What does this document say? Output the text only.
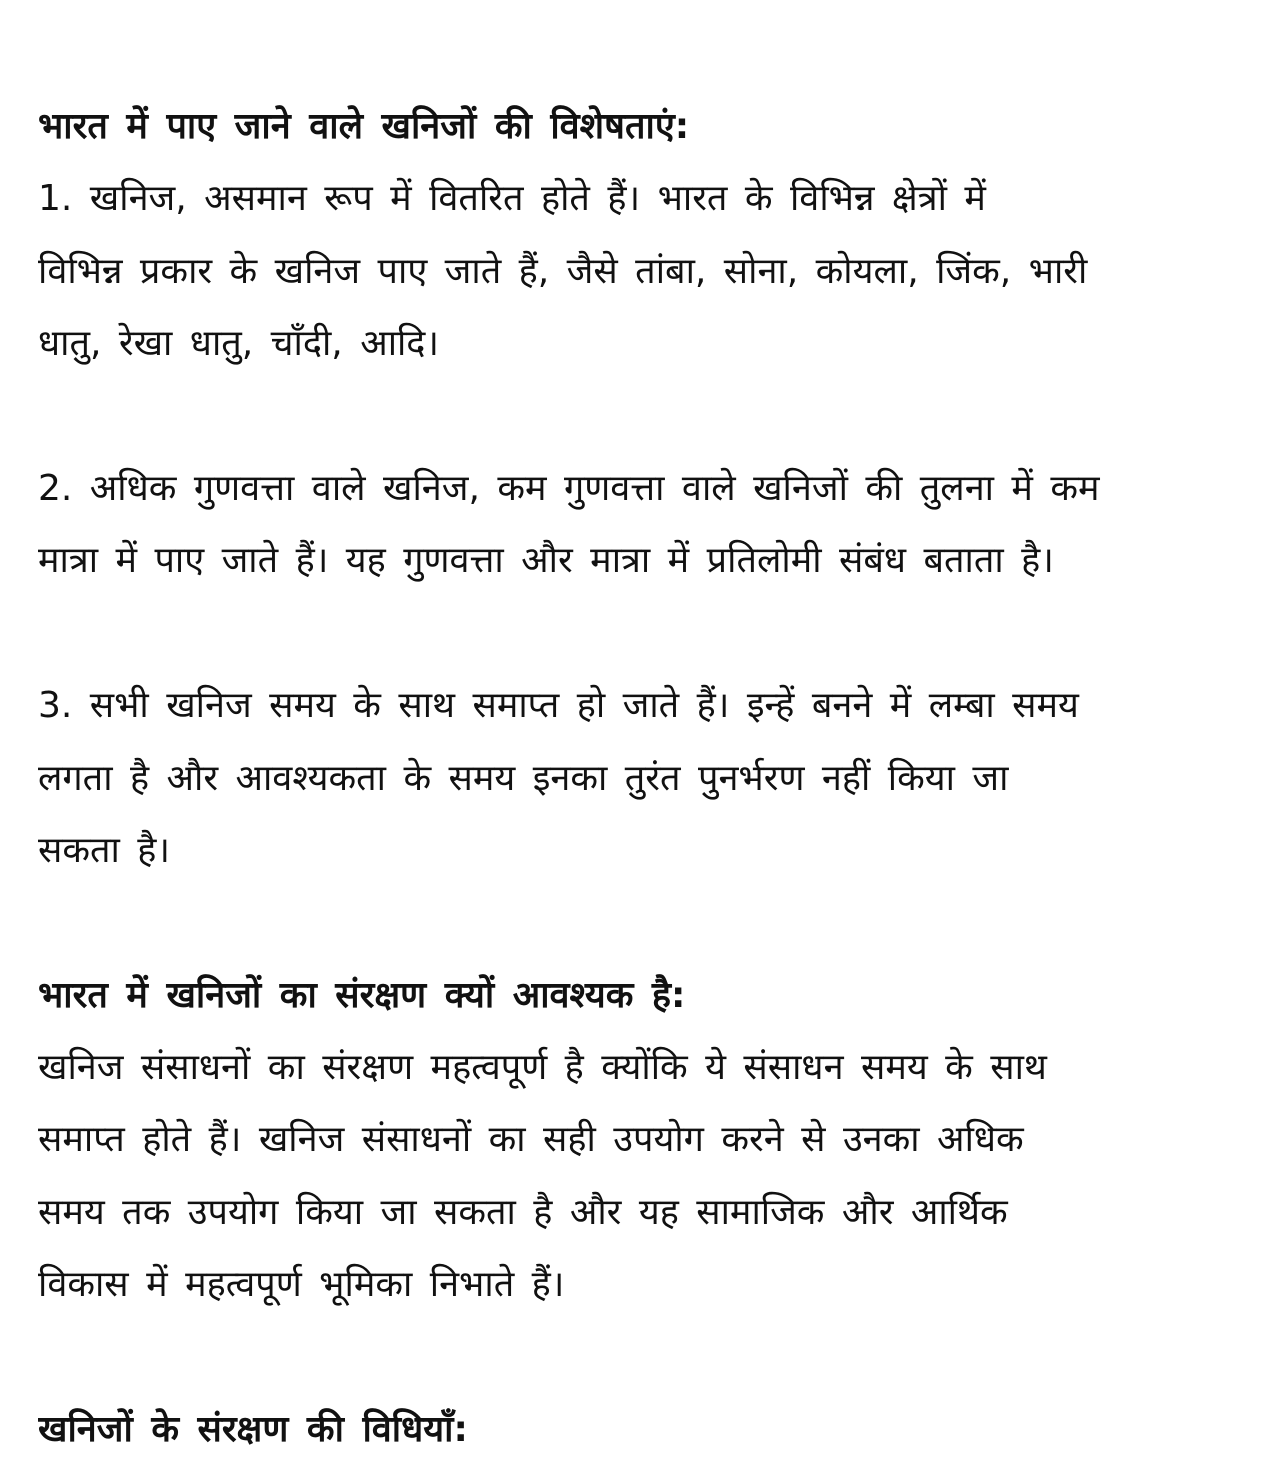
भारत में पाए जाने वाले खनिजों की विशेषताएं:
1. खनिज, असमान रूप में वितरित होते हैं। भारत के विभिन्न क्षेत्रों में
विभिन्न प्रकार के खनिज पाए जाते हैं, जैसे तांबा, सोना, कोयला, जिंक, भारी
धातु, रेखा धातु, चाँदी, आदि।
2. अधिक गुणवत्ता वाले खनिज, कम गुणवत्ता वाले खनिजों की तुलना में कम
मात्रा में पाए जाते हैं। यह गुणवत्ता और मात्रा में प्रतिलोमी संबंध बताता है।
3. सभी खनिज समय के साथ समाप्त हो जाते हैं। इन्हें बनने में लम्बा समय
लगता है और आवश्यकता के समय इनका तुरंत पुनर्भरण नहीं किया जा
सकता है।
भारत में खनिजों का संरक्षण क्यों आवश्यक है:
खनिज संसाधनों का संरक्षण महत्वपूर्ण है क्योंकि ये संसाधन समय के साथ
समाप्त होते हैं। खनिज संसाधनों का सही उपयोग करने से उनका अधिक
समय तक उपयोग किया जा सकता है और यह सामाजिक और आर्थिक
विकास में महत्वपूर्ण भूमिका निभाते हैं।
खनिजों के संरक्षण की विधियाँ:
